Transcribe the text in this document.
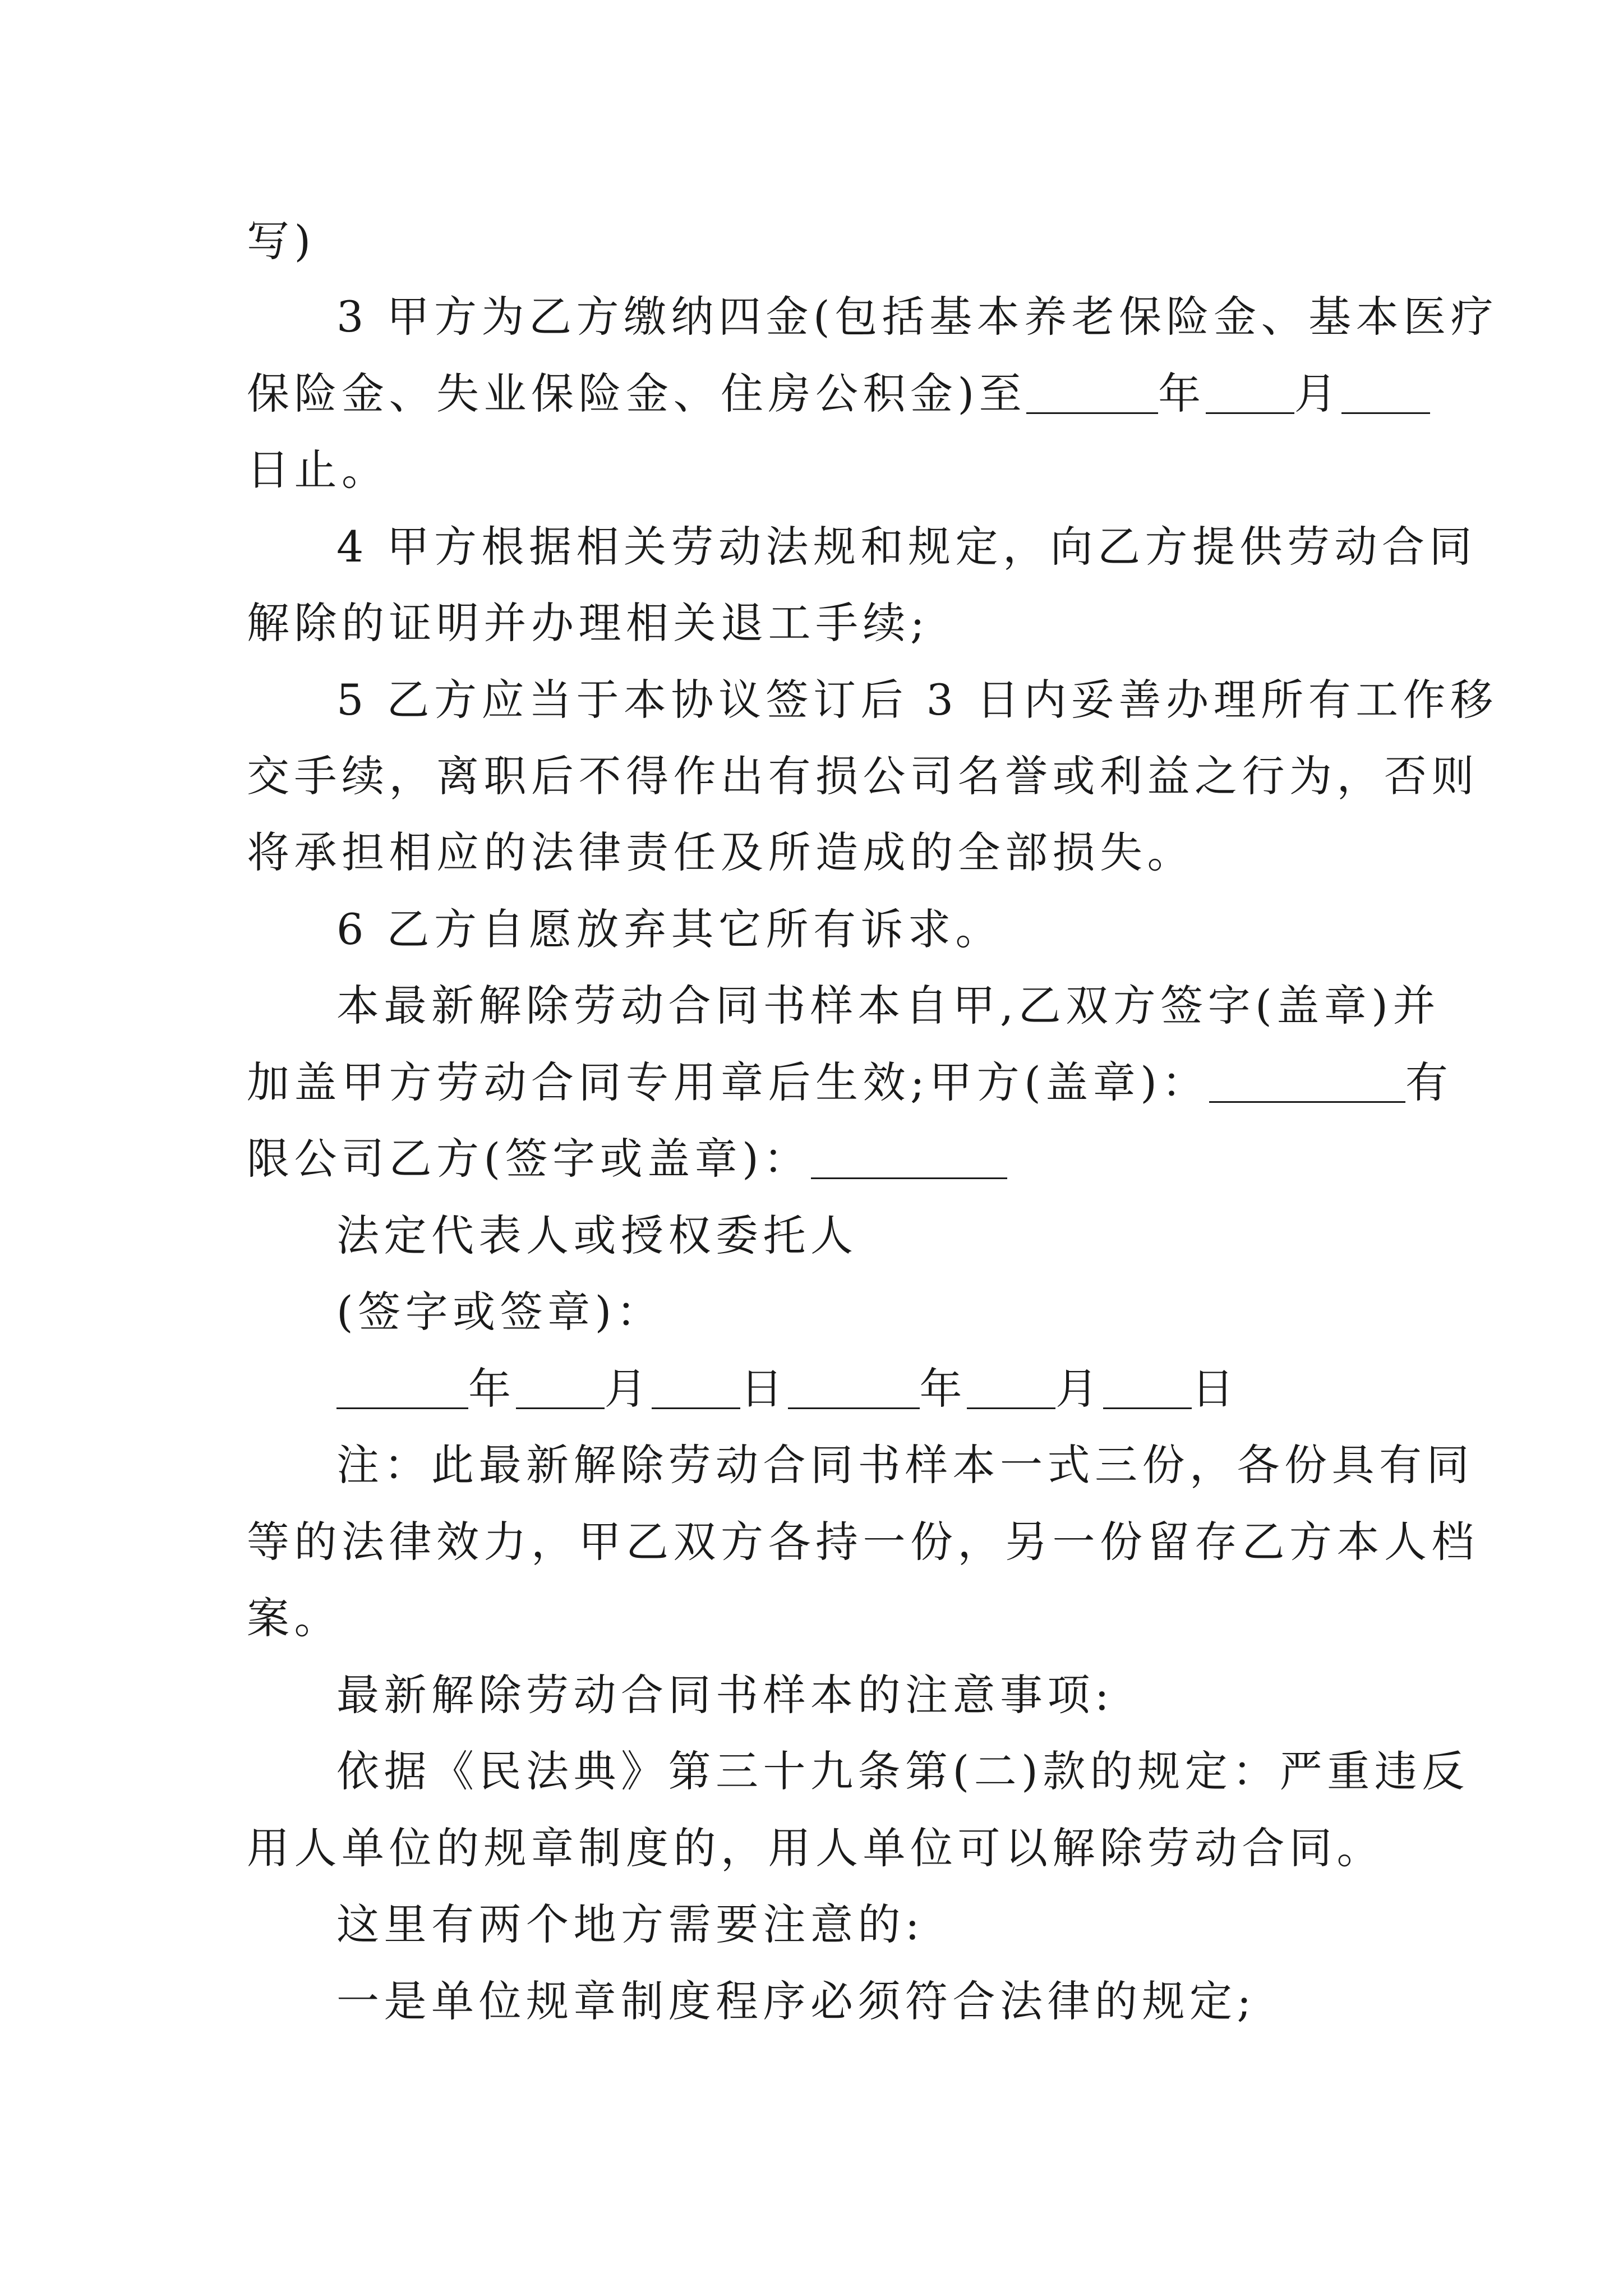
写)
3 甲方为乙方缴纳四金(包括基本养老保险金、基本医疗
保险金、失业保险金、住房公积金)至	年 月
日止。
4 甲方根据相关劳动法规和规定，向乙方提供劳动合同
解除的证明并办理相关退工手续;
5 乙方应当于本协议签订后 3 日内妥善办理所有工作移
交手续，离职后不得作出有损公司名誉或利益之行为，否则
将承担相应的法律责任及所造成的全部损失。
6 乙方自愿放弃其它所有诉求。
本最新解除劳动合同书样本自甲,乙双方签字(盖章)并
加盖甲方劳动合同专用章后生效;甲方(盖章)：	有
限公司乙方(签字或盖章)：
法定代表人或授权委托人
(签字或签章)：
年 月 日	年 月 日
注：此最新解除劳动合同书样本一式三份，各份具有同
等的法律效力，甲乙双方各持一份，另一份留存乙方本人档
案。
最新解除劳动合同书样本的注意事项:
依据《民法典》第三十九条第(二)款的规定：严重违反
用人单位的规章制度的，用人单位可以解除劳动合同。
这里有两个地方需要注意的:
一是单位规章制度程序必须符合法律的规定;
